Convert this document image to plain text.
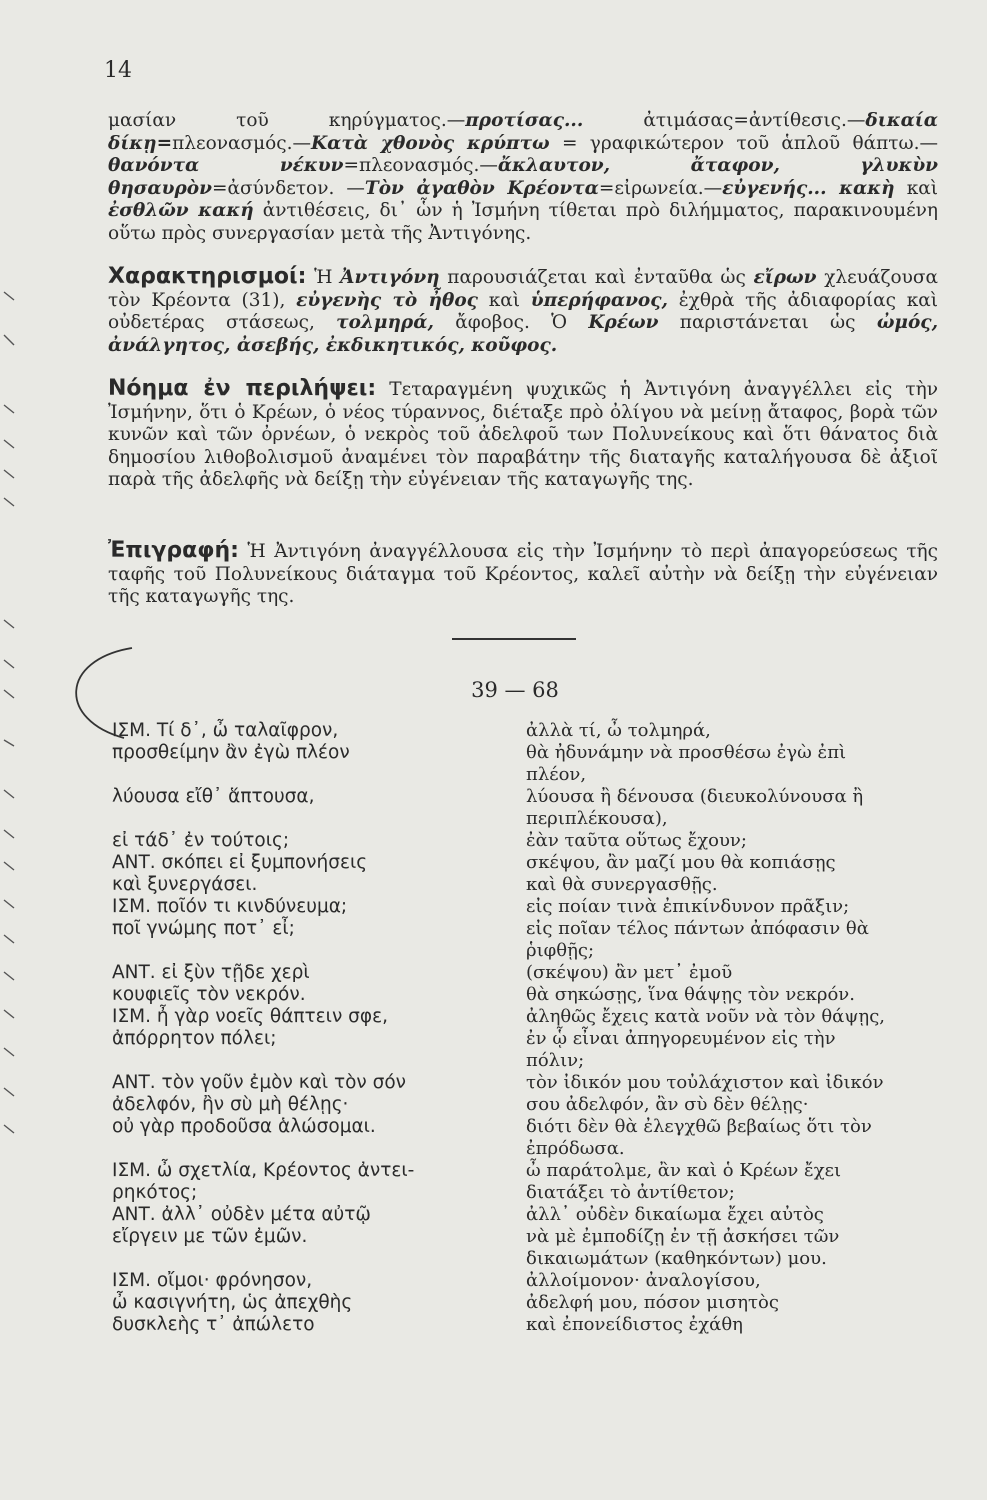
14
μασίαν τοῦ κηρύγματος.—προτίσας... ἀτιμάσας=ἀντίθεσις.—δικαία δίκῃ=πλεονασμός.—Κατὰ χθονὸς κρύπτω = γραφικώτερον τοῦ ἁπλοῦ θάπτω.—θανόντα νέκυν=πλεονασμός.—ἄκλαυτον, ἄταφον, γλυκὺν θησαυρὸν=ἀσύνδετον. —Τὸν ἀγαθὸν Κρέοντα=εἰρωνεία.—εὐγενής... κακὴ καὶ ἐσθλῶν κακή ἀντιθέσεις, δι᾽ ὧν ἡ Ἰσμήνη τίθεται πρὸ διλήμματος, παρακινουμένη οὕτω πρὸς συνεργασίαν μετὰ τῆς Ἀντιγόνης.
Χαρακτηρισμοί: Ἡ Ἀντιγόνη παρουσιάζεται καὶ ἐνταῦθα ὡς εἴρων χλευάζουσα τὸν Κρέοντα (31), εὐγενὴς τὸ ἦθος καὶ ὑπερήφανος, ἐχθρὰ τῆς ἀδιαφορίας καὶ οὐδετέρας στάσεως, τολμηρά, ἄφοβος. Ὁ Κρέων παριστάνεται ὡς ὠμός, ἀνάλγητος, ἀσεβής, ἐκδικητικός, κοῦφος.
Νόημα ἐν περιλήψει: Τεταραγμένη ψυχικῶς ἡ Ἀντιγόνη ἀναγγέλλει εἰς τὴν Ἰσμήνην, ὅτι ὁ Κρέων, ὁ νέος τύραννος, διέταξε πρὸ ὀλίγου νὰ μείνῃ ἄταφος, βορὰ τῶν κυνῶν καὶ τῶν ὀρνέων, ὁ νεκρὸς τοῦ ἀδελφοῦ των Πολυνείκους καὶ ὅτι θάνατος διὰ δημοσίου λιθοβολισμοῦ ἀναμένει τὸν παραβάτην τῆς διαταγῆς καταλήγουσα δὲ ἀξιοῖ παρὰ τῆς ἀδελφῆς νὰ δείξῃ τὴν εὐγένειαν τῆς καταγωγῆς της.
Ἐπιγραφή: Ἡ Ἀντιγόνη ἀναγγέλλουσα εἰς τὴν Ἰσμήνην τὸ περὶ ἀπαγορεύσεως τῆς ταφῆς τοῦ Πολυνείκους διάταγμα τοῦ Κρέοντος, καλεῖ αὐτὴν νὰ δείξῃ τὴν εὐγένειαν τῆς καταγωγῆς της.
39 — 68
ΙΣΜ. Τί δ᾽, ὦ ταλαῖφρον,
προσθείμην ἂν ἐγὼ πλέον
λύουσα εἴθ᾽ ἅπτουσα,
εἰ τάδ᾽ ἐν τούτοις;
ΑΝΤ. σκόπει εἰ ξυμπονήσεις
καὶ ξυνεργάσει.
ΙΣΜ. ποῖόν τι κινδύνευμα;
ποῖ γνώμης ποτ᾽ εἶ;
ΑΝΤ. εἰ ξὺν τῇδε χερὶ
κουφιεῖς τὸν νεκρόν.
ΙΣΜ. ἦ γὰρ νοεῖς θάπτειν σφε,
ἀπόρρητον πόλει;
ΑΝΤ. τὸν γοῦν ἐμὸν καὶ τὸν σόν
ἀδελφόν, ἢν σὺ μὴ θέλῃς·
οὐ γὰρ προδοῦσα ἁλώσομαι.
ΙΣΜ. ὦ σχετλία, Κρέοντος ἀντει-
ρηκότος;
ΑΝΤ. ἀλλ᾽ οὐδὲν μέτα αὐτῷ
εἴργειν με τῶν ἐμῶν.
ΙΣΜ. οἴμοι· φρόνησον,
ὦ κασιγνήτη, ὡς ἀπεχθὴς
δυσκλεὴς τ᾽ ἀπώλετο
ἀλλὰ τί, ὦ τολμηρά,
θὰ ἠδυνάμην νὰ προσθέσω ἐγὼ ἐπὶ
πλέον,
λύουσα ἢ δένουσα (διευκολύνουσα ἢ
περιπλέκουσα),
ἐὰν ταῦτα οὕτως ἔχουν;
σκέψου, ἂν μαζί μου θὰ κοπιάσῃς
καὶ θὰ συνεργασθῇς.
εἰς ποίαν τινὰ ἐπικίνδυνον πρᾶξιν;
εἰς ποῖαν τέλος πάντων ἀπόφασιν θὰ
ῥιφθῇς;
(σκέψου) ἂν μετ᾽ ἐμοῦ
θὰ σηκώσῃς, ἵνα θάψῃς τὸν νεκρόν.
ἀληθῶς ἔχεις κατὰ νοῦν νὰ τὸν θάψῃς,
ἐν ᾧ εἶναι ἀπηγορευμένον εἰς τὴν
πόλιν;
τὸν ἰδικόν μου τοὐλάχιστον καὶ ἰδικόν
σου ἀδελφόν, ἂν σὺ δὲν θέλῃς·
διότι δὲν θὰ ἐλεγχθῶ βεβαίως ὅτι τὸν
ἐπρόδωσα.
ὦ παράτολμε, ἂν καὶ ὁ Κρέων ἔχει
διατάξει τὸ ἀντίθετον;
ἀλλ᾽ οὐδὲν δικαίωμα ἔχει αὐτὸς
νὰ μὲ ἐμποδίζῃ ἐν τῇ ἀσκήσει τῶν
δικαιωμάτων (καθηκόντων) μου.
ἀλλοίμονον· ἀναλογίσου,
ἀδελφή μου, πόσον μισητὸς
καὶ ἐπονείδιστος ἐχάθη
